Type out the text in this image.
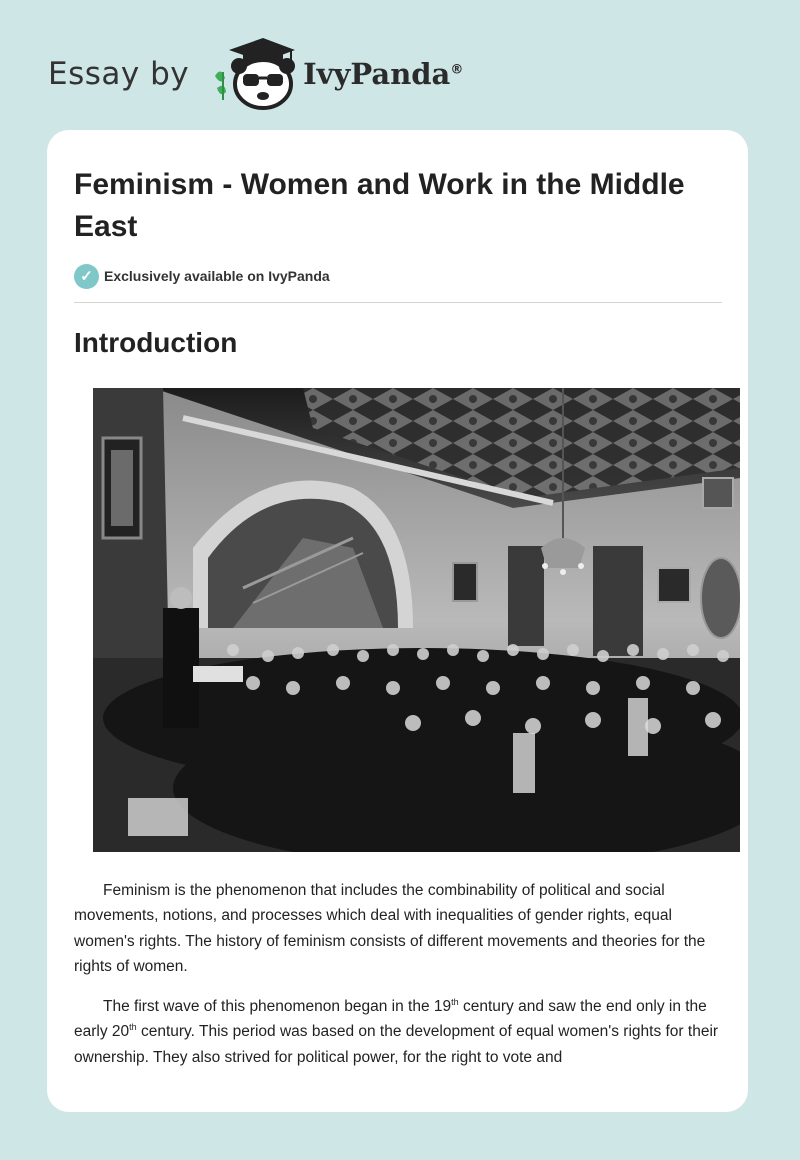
Essay by	IvyPanda®
Feminism - Women and Work in the Middle East
✓ Exclusively available on IvyPanda
Introduction

Feminism is the phenomenon that includes the combinability of political and social movements, notions, and processes which deal with inequalities of gender rights, equal women's rights. The history of feminism consists of different movements and theories for the rights of women.

The first wave of this phenomenon began in the 19th century and saw the end only in the early 20th century. This period was based on the development of equal women's rights for their ownership. They also strived for political power, for the right to vote and
